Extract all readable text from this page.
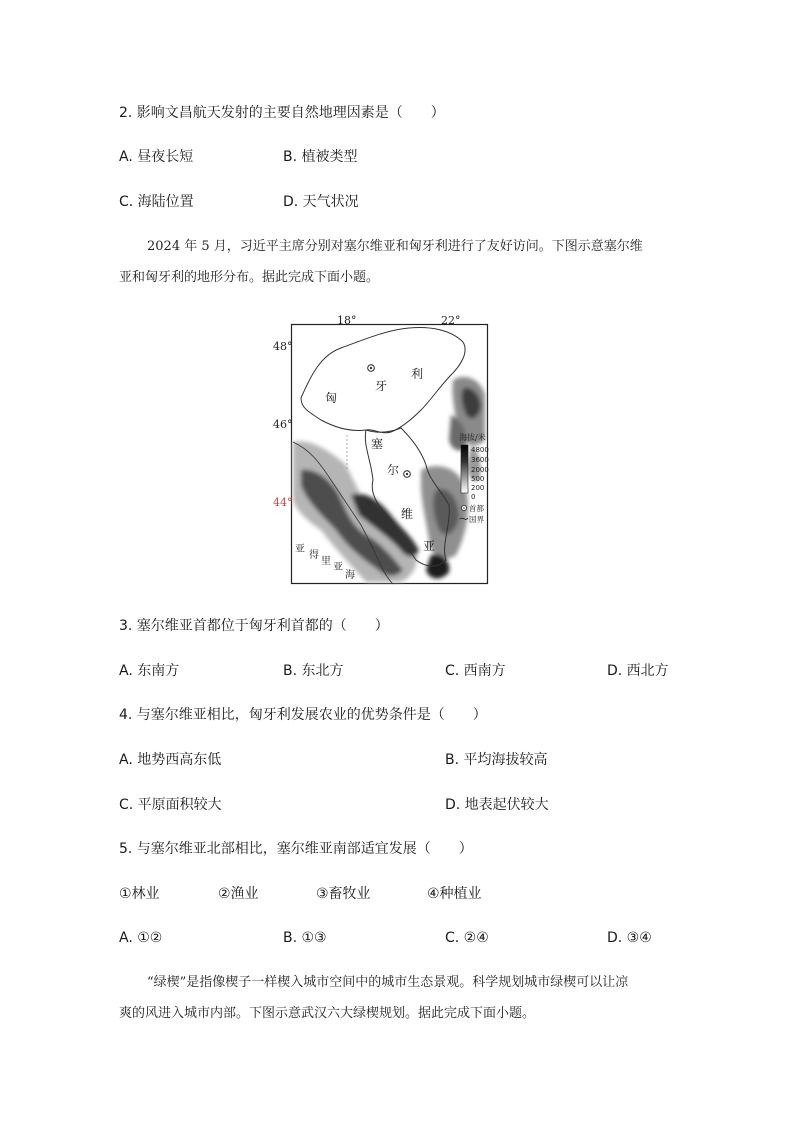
2. 影响文昌航天发射的主要自然地理因素是（　　）
A. 昼夜长短	B. 植被类型
C. 海陆位置	D. 天气状况
2024 年 5 月，习近平主席分别对塞尔维亚和匈牙利进行了友好访问。下图示意塞尔维
亚和匈牙利的地形分布。据此完成下面小题。
匈
牙
利
塞
尔
维
亚
亚
得
里
亚
海
18°	22°
48°
46°
44°
海拔/米
4800
3600
2000
500
200
0
首都
国界
3. 塞尔维亚首都位于匈牙利首都的（　　）
A. 东南方	B. 东北方	C. 西南方	D. 西北方
4. 与塞尔维亚相比，匈牙利发展农业的优势条件是（　　）
A. 地势西高东低	B. 平均海拔较高
C. 平原面积较大	D. 地表起伏较大
5. 与塞尔维亚北部相比，塞尔维亚南部适宜发展（　　）
①林业	②渔业	③畜牧业	④种植业
A. ①②	B. ①③	C. ②④	D. ③④
“绿楔”是指像楔子一样楔入城市空间中的城市生态景观。科学规划城市绿楔可以让凉
爽的风进入城市内部。下图示意武汉六大绿楔规划。据此完成下面小题。
